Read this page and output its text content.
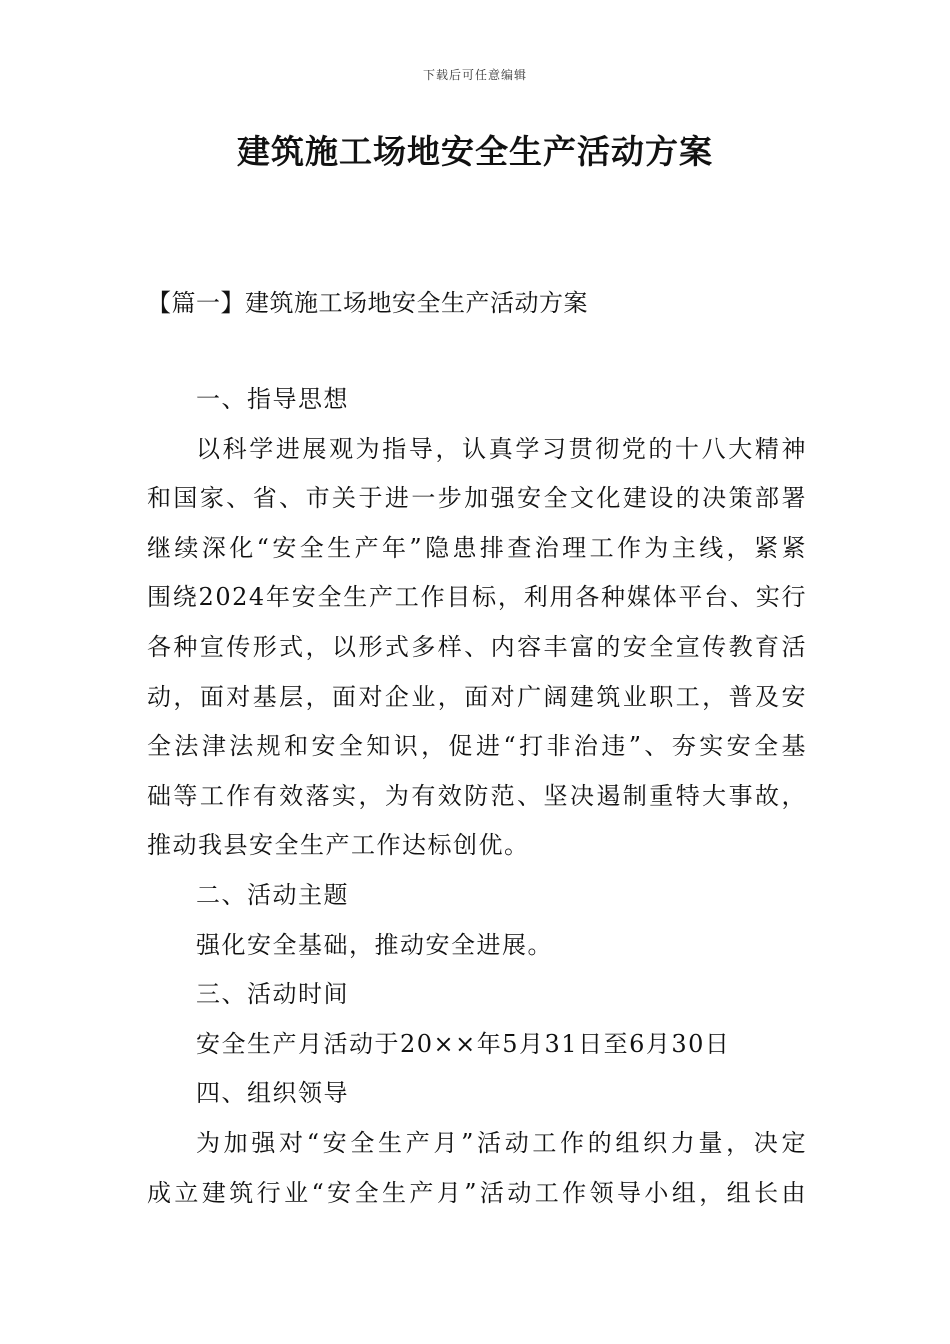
下载后可任意编辑
建筑施工场地安全生产活动方案
【篇一】建筑施工场地安全生产活动方案

一、指导思想

以科学进展观为指导，认真学习贯彻党的十八大精神
和国家、省、市关于进一步加强安全文化建设的决策部署
继续深化“安全生产年”隐患排查治理工作为主线，紧紧
围绕2024年安全生产工作目标，利用各种媒体平台、实行
各种宣传形式，以形式多样、内容丰富的安全宣传教育活
动，面对基层，面对企业，面对广阔建筑业职工，普及安
全法津法规和安全知识，促进“打非治违”、夯实安全基
础等工作有效落实，为有效防范、坚决遏制重特大事故，
推动我县安全生产工作达标创优。

二、活动主题

强化安全基础，推动安全进展。

三、活动时间

安全生产月活动于20××年5月31日至6月30日

四、组织领导

为加强对“安全生产月”活动工作的组织力量，决定
成立建筑行业“安全生产月”活动工作领导小组，组长由
